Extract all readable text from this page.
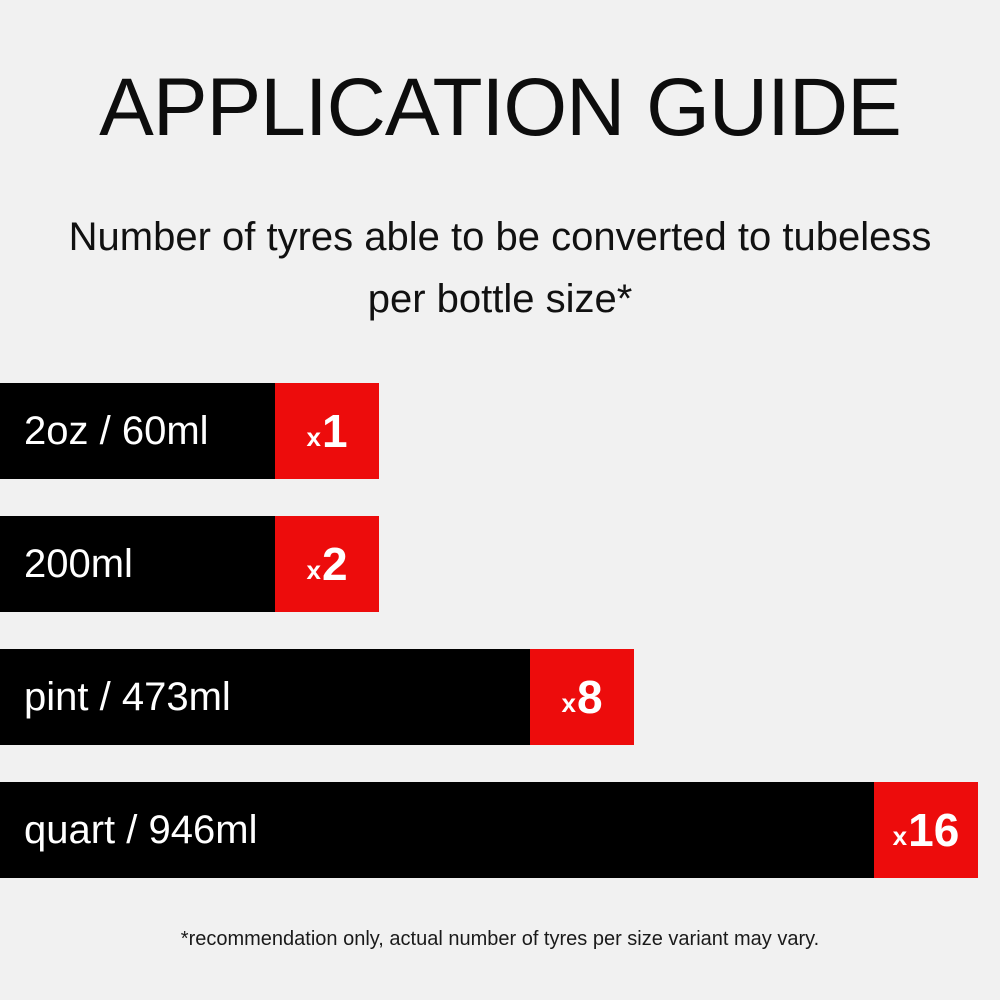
APPLICATION GUIDE
Number of tyres able to be converted to tubeless per bottle size*
2oz / 60ml	x 1
200ml	x 2
pint / 473ml	x 8
quart / 946ml	x 16
*recommendation only, actual number of tyres per size variant may vary.
